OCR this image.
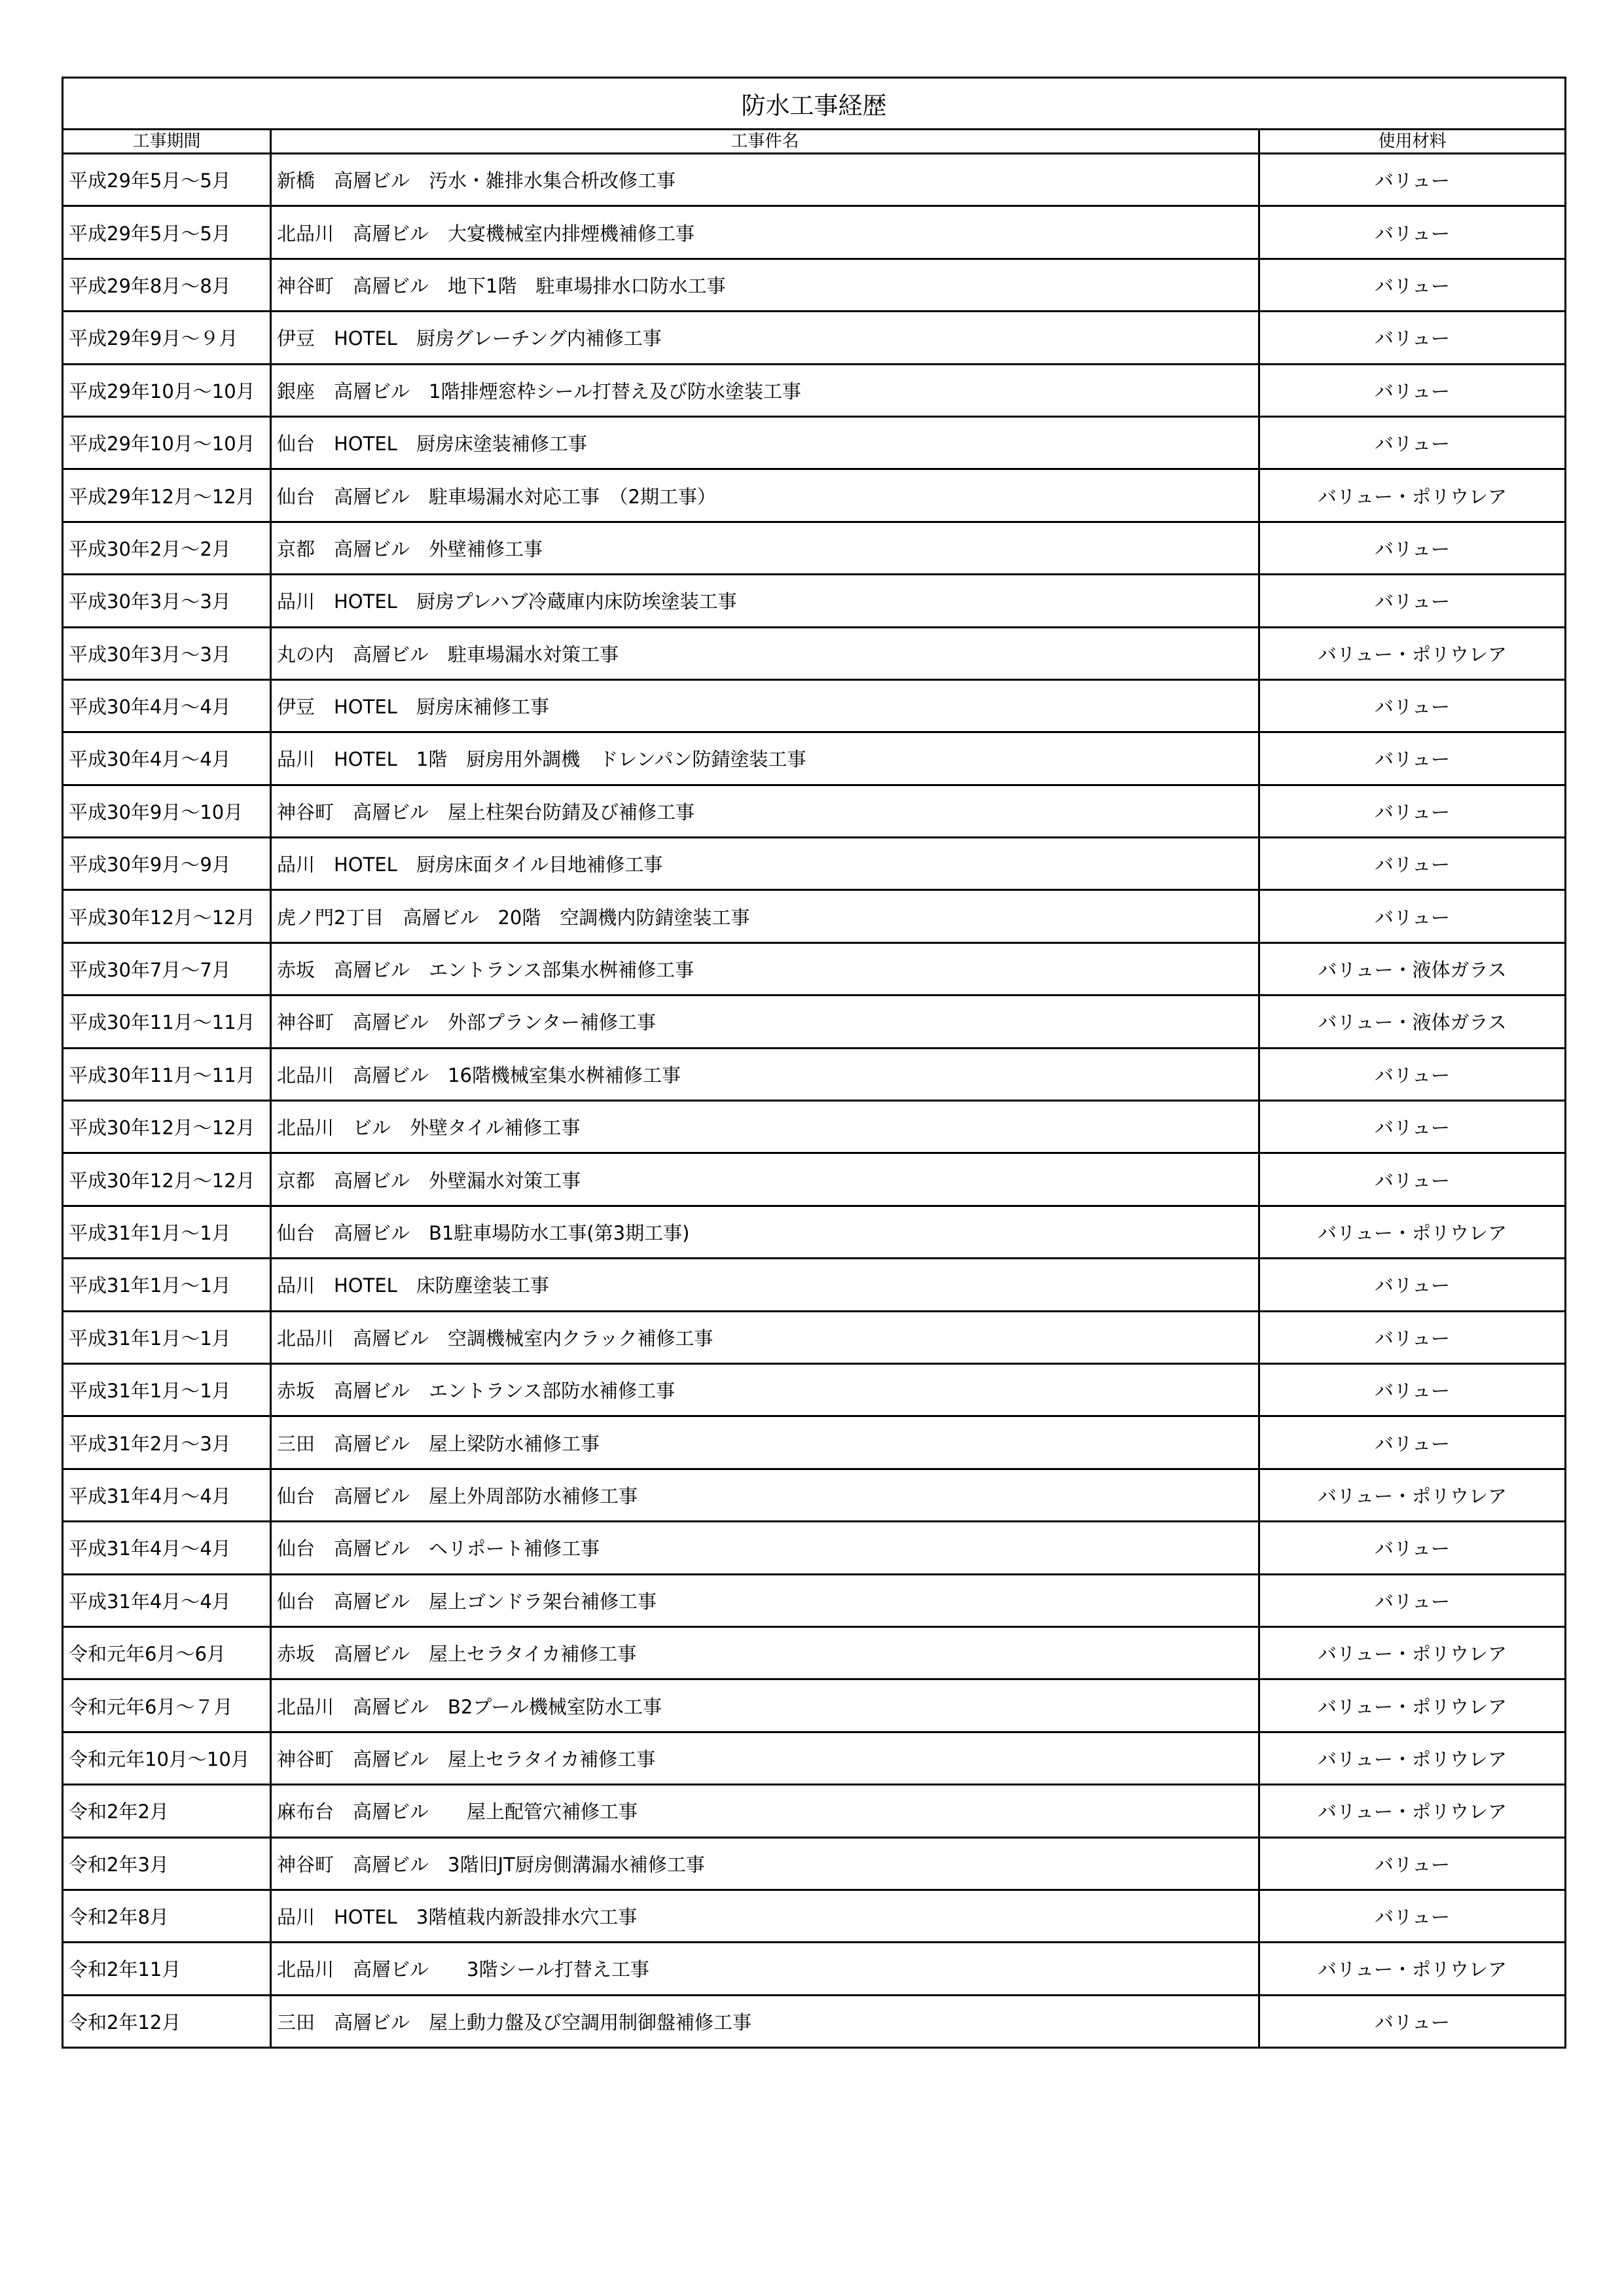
防水工事経歴		
工事期間	工事件名	使用材料
平成29年5月～5月	新橋　高層ビル　汚水・雑排水集合枡改修工事	バリュー
平成29年5月～5月	北品川　高層ビル　大宴機械室内排煙機補修工事	バリュー
平成29年8月～8月	神谷町　高層ビル　地下1階　駐車場排水口防水工事	バリュー
平成29年9月～９月	伊豆　HOTEL　厨房グレーチング内補修工事	バリュー
平成29年10月～10月	銀座　高層ビル　1階排煙窓枠シール打替え及び防水塗装工事	バリュー
平成29年10月～10月	仙台　HOTEL　厨房床塗装補修工事	バリュー
平成29年12月～12月	仙台　高層ビル　駐車場漏水対応工事　（2期工事）	バリュー・ポリウレア
平成30年2月～2月	京都　高層ビル　外壁補修工事	バリュー
平成30年3月～3月	品川　HOTEL　厨房プレハブ冷蔵庫内床防埃塗装工事	バリュー
平成30年3月～3月	丸の内　高層ビル　駐車場漏水対策工事	バリュー・ポリウレア
平成30年4月～4月	伊豆　HOTEL　厨房床補修工事	バリュー
平成30年4月～4月	品川　HOTEL　1階　厨房用外調機　ドレンパン防錆塗装工事	バリュー
平成30年9月～10月	神谷町　高層ビル　屋上柱架台防錆及び補修工事	バリュー
平成30年9月～9月	品川　HOTEL　厨房床面タイル目地補修工事	バリュー
平成30年12月～12月	虎ノ門2丁目　高層ビル　20階　空調機内防錆塗装工事	バリュー
平成30年7月～7月	赤坂　高層ビル　エントランス部集水桝補修工事	バリュー・液体ガラス
平成30年11月～11月	神谷町　高層ビル　外部プランター補修工事	バリュー・液体ガラス
平成30年11月～11月	北品川　高層ビル　16階機械室集水桝補修工事	バリュー
平成30年12月～12月	北品川　ビル　外壁タイル補修工事	バリュー
平成30年12月～12月	京都　高層ビル　外壁漏水対策工事	バリュー
平成31年1月～1月	仙台　高層ビル　B1駐車場防水工事(第3期工事)	バリュー・ポリウレア
平成31年1月～1月	品川　HOTEL　床防塵塗装工事	バリュー
平成31年1月～1月	北品川　高層ビル　空調機械室内クラック補修工事	バリュー
平成31年1月～1月	赤坂　高層ビル　エントランス部防水補修工事	バリュー
平成31年2月～3月	三田　高層ビル　屋上梁防水補修工事	バリュー
平成31年4月～4月	仙台　高層ビル　屋上外周部防水補修工事	バリュー・ポリウレア
平成31年4月～4月	仙台　高層ビル　ヘリポート補修工事	バリュー
平成31年4月～4月	仙台　高層ビル　屋上ゴンドラ架台補修工事	バリュー
令和元年6月～6月	赤坂　高層ビル　屋上セラタイカ補修工事	バリュー・ポリウレア
令和元年6月～７月	北品川　高層ビル　B2プール機械室防水工事	バリュー・ポリウレア
令和元年10月～10月	神谷町　高層ビル　屋上セラタイカ補修工事	バリュー・ポリウレア
令和2年2月	麻布台　高層ビル　　屋上配管穴補修工事	バリュー・ポリウレア
令和2年3月	神谷町　高層ビル　3階旧JT厨房側溝漏水補修工事	バリュー
令和2年8月	品川　HOTEL　3階植栽内新設排水穴工事	バリュー
令和2年11月	北品川　高層ビル　　3階シール打替え工事	バリュー・ポリウレア
令和2年12月	三田　高層ビル　屋上動力盤及び空調用制御盤補修工事	バリュー
